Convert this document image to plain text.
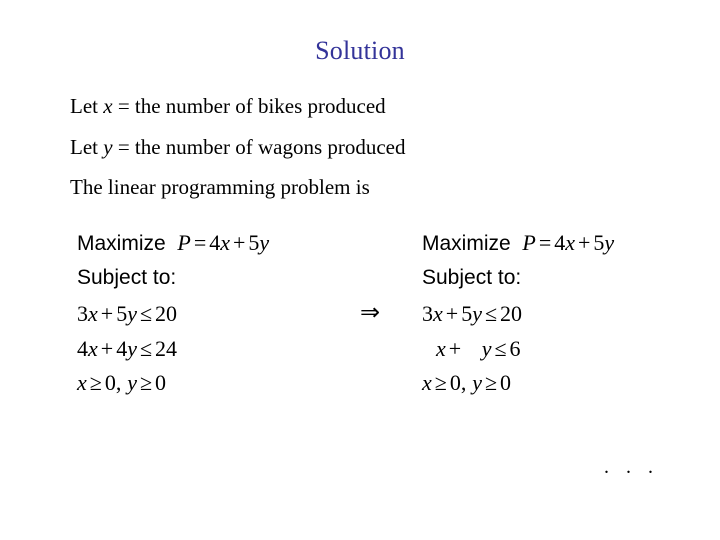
Solution
Let x = the number of bikes produced
Let y = the number of wagons produced
The linear programming problem is
Maximize P = 4x + 5y
Subject to:
3x + 5y ≤ 20
4x + 4y ≤ 24
x ≥ 0, y ≥ 0
⇒
Maximize P = 4x + 5y
Subject to:
3x + 5y ≤ 20
x + y ≤ 6
x ≥ 0, y ≥ 0
. . .
